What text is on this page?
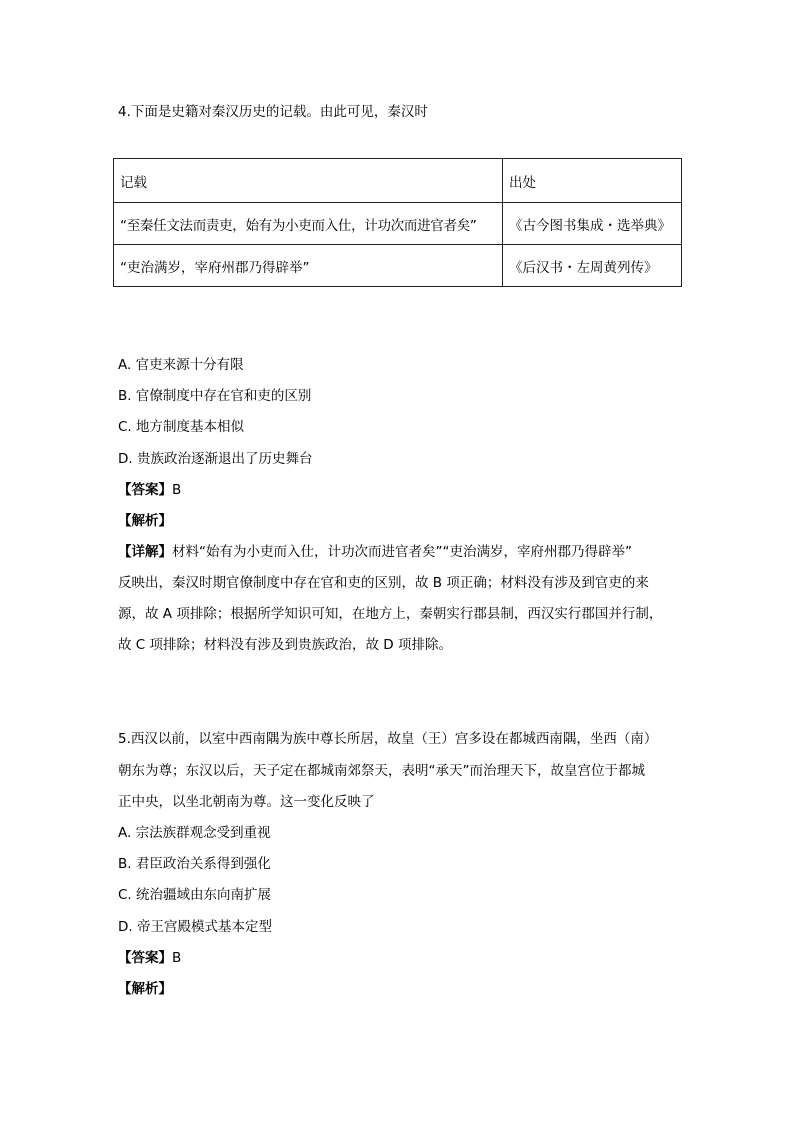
4.下面是史籍对秦汉历史的记载。由此可见，秦汉时
记载	出处
“至秦任文法而责吏，始有为小吏而入仕，计功次而进官者矣”	《古今图书集成・选举典》
“吏治满岁，宰府州郡乃得辟举”	《后汉书・左周黄列传》
A. 官吏来源十分有限
B. 官僚制度中存在官和吏的区别
C. 地方制度基本相似
D. 贵族政治逐渐退出了历史舞台
【答案】B
【解析】
【详解】材料“始有为小吏而入仕，计功次而进官者矣”“吏治满岁，宰府州郡乃得辟举”
反映出，秦汉时期官僚制度中存在官和吏的区别，故 B 项正确；材料没有涉及到官吏的来
源，故 A 项排除；根据所学知识可知，在地方上，秦朝实行郡县制，西汉实行郡国并行制，
故 C 项排除；材料没有涉及到贵族政治，故 D 项排除。
5.西汉以前，以室中西南隅为族中尊长所居，故皇（王）宫多设在都城西南隅，坐西（南）
朝东为尊；东汉以后，天子定在都城南郊祭天，表明“承天”而治理天下，故皇宫位于都城
正中央，以坐北朝南为尊。这一变化反映了
A. 宗法族群观念受到重视
B. 君臣政治关系得到强化
C. 统治疆域由东向南扩展
D. 帝王宫殿模式基本定型
【答案】B
【解析】
